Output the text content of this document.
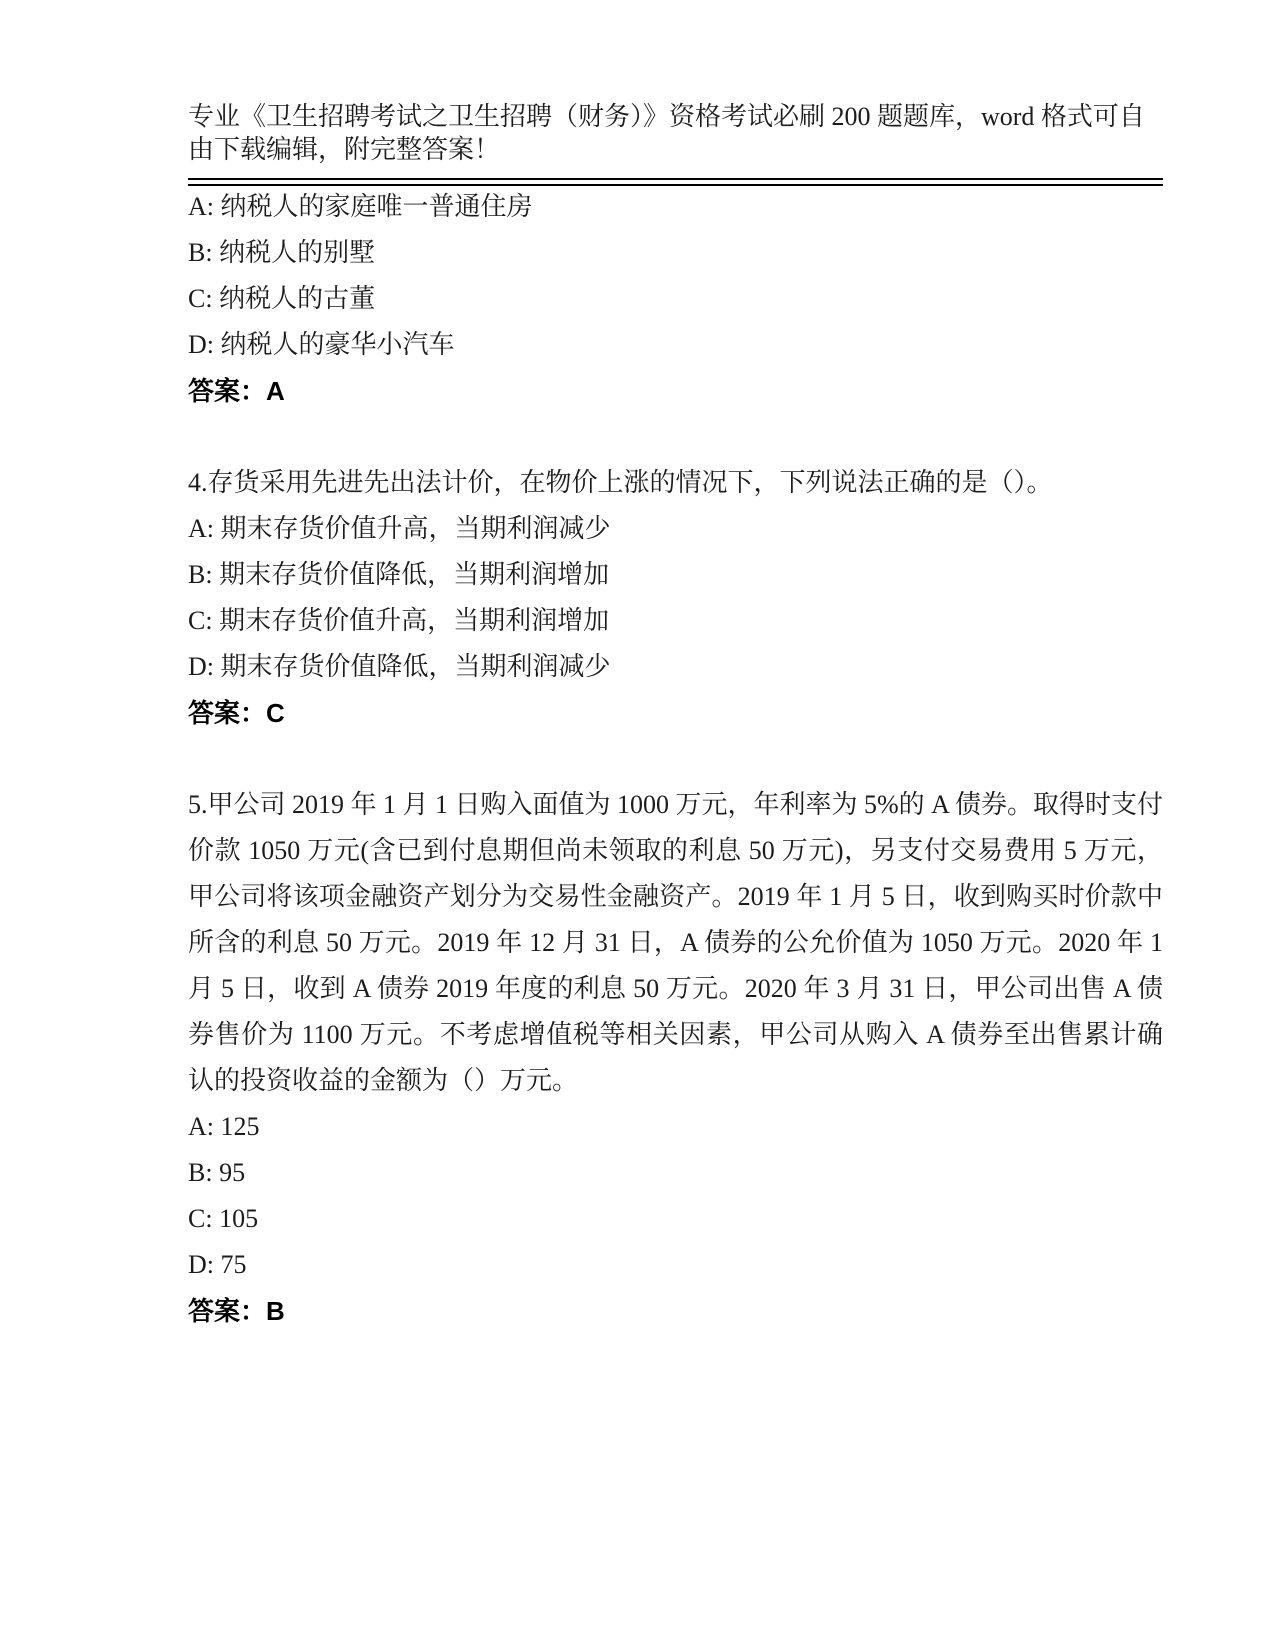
专业《卫生招聘考试之卫生招聘（财务）》资格考试必刷 200 题题库，word 格式可自由下载编辑，附完整答案！

A: 纳税人的家庭唯一普通住房

B: 纳税人的别墅

C: 纳税人的古董

D: 纳税人的豪华小汽车

答案：A

4.存货采用先进先出法计价，在物价上涨的情况下，下列说法正确的是（）。

A: 期末存货价值升高，当期利润减少

B: 期末存货价值降低，当期利润增加

C: 期末存货价值升高，当期利润增加

D: 期末存货价值降低，当期利润减少

答案：C

5.甲公司 2019 年 1 月 1 日购入面值为 1000 万元，年利率为 5%的 A 债券。取得时支付价款 1050 万元(含已到付息期但尚未领取的利息 50 万元)，另支付交易费用 5 万元，甲公司将该项金融资产划分为交易性金融资产。2019 年 1 月 5 日，收到购买时价款中所含的利息 50 万元。2019 年 12 月 31 日，A 债券的公允价值为 1050 万元。2020 年 1 月 5 日，收到 A 债券 2019 年度的利息 50 万元。2020 年 3 月 31 日，甲公司出售 A 债券售价为 1100 万元。不考虑增值税等相关因素，甲公司从购入 A 债券至出售累计确认的投资收益的金额为（）万元。

A: 125

B: 95

C: 105

D: 75

答案：B
